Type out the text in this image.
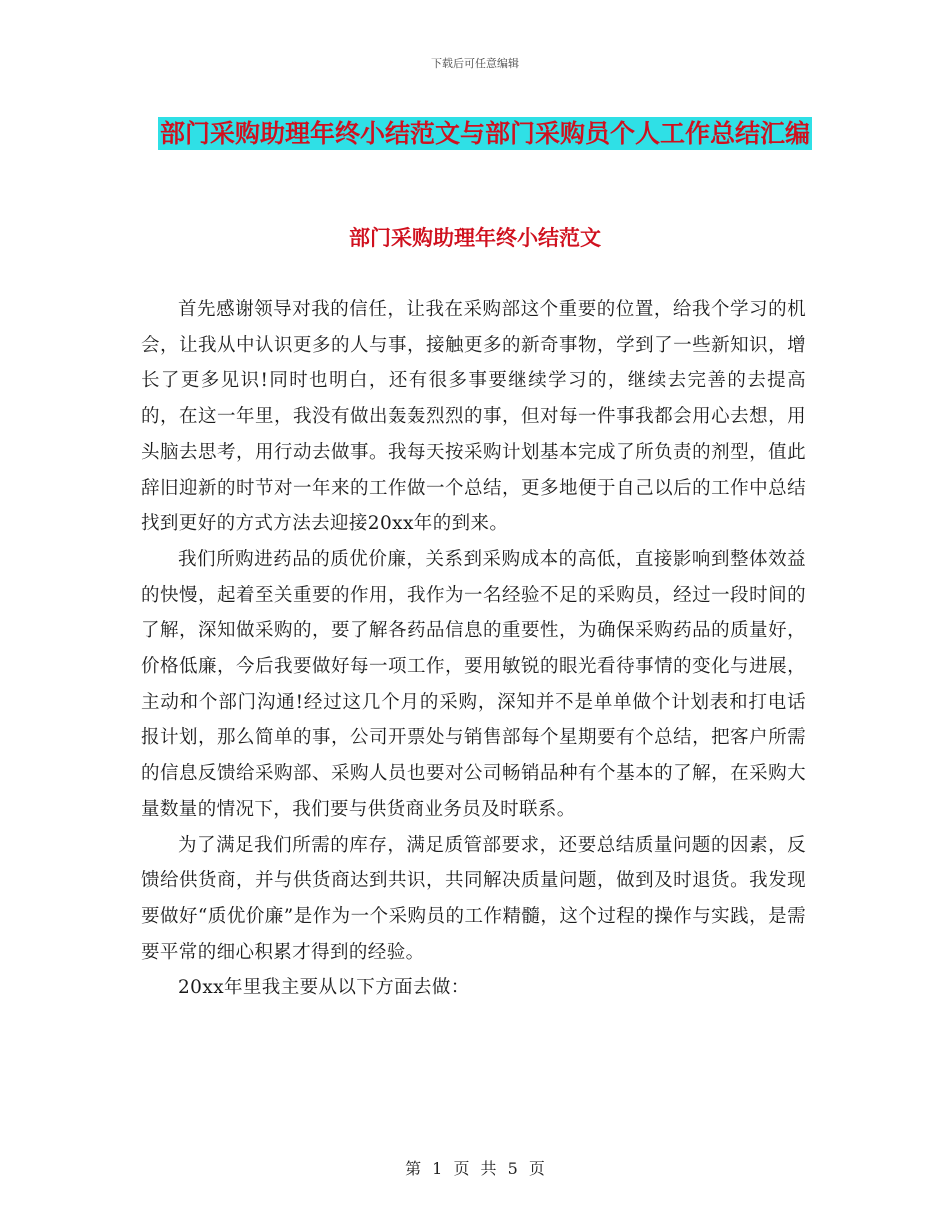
下载后可任意编辑
部门采购助理年终小结范文与部门采购员个人工作总结汇编
部门采购助理年终小结范文

首先感谢领导对我的信任，让我在采购部这个重要的位置，给我个学习的机会，让我从中认识更多的人与事，接触更多的新奇事物，学到了一些新知识，增长了更多见识!同时也明白，还有很多事要继续学习的，继续去完善的去提高的，在这一年里，我没有做出轰轰烈烈的事，但对每一件事我都会用心去想，用头脑去思考，用行动去做事。我每天按采购计划基本完成了所负责的剂型，值此辞旧迎新的时节对一年来的工作做一个总结，更多地便于自己以后的工作中总结找到更好的方式方法去迎接20xx年的到来。

我们所购进药品的质优价廉，关系到采购成本的高低，直接影响到整体效益的快慢，起着至关重要的作用，我作为一名经验不足的采购员，经过一段时间的了解，深知做采购的，要了解各药品信息的重要性，为确保采购药品的质量好，价格低廉，今后我要做好每一项工作，要用敏锐的眼光看待事情的变化与进展，主动和个部门沟通!经过这几个月的采购，深知并不是单单做个计划表和打电话报计划，那么简单的事，公司开票处与销售部每个星期要有个总结，把客户所需的信息反馈给采购部、采购人员也要对公司畅销品种有个基本的了解，在采购大量数量的情况下，我们要与供货商业务员及时联系。

为了满足我们所需的库存，满足质管部要求，还要总结质量问题的因素，反馈给供货商，并与供货商达到共识，共同解决质量问题，做到及时退货。我发现要做好“质优价廉”是作为一个采购员的工作精髓，这个过程的操作与实践，是需要平常的细心积累才得到的经验。

20xx年里我主要从以下方面去做：

第 1 页 共 5 页
